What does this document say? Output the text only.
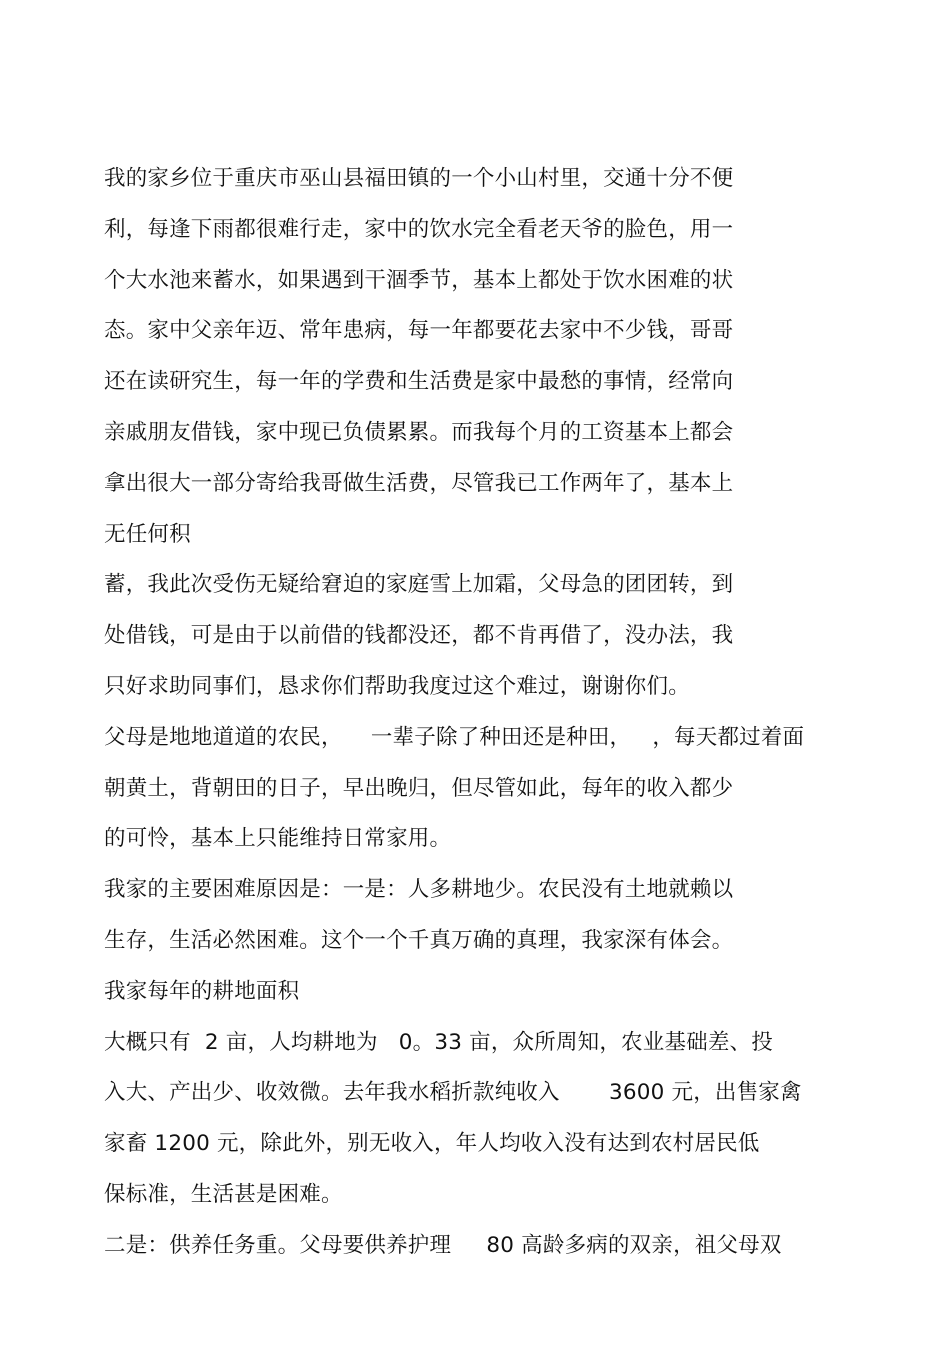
我的家乡位于重庆市巫山县福田镇的一个小山村里，交通十分不便
利，每逢下雨都很难行走，家中的饮水完全看老天爷的脸色，用一
个大水池来蓄水，如果遇到干涸季节，基本上都处于饮水困难的状
态。家中父亲年迈、常年患病，每一年都要花去家中不少钱，哥哥
还在读研究生，每一年的学费和生活费是家中最愁的事情，经常向
亲戚朋友借钱，家中现已负债累累。而我每个月的工资基本上都会
拿出很大一部分寄给我哥做生活费，尽管我已工作两年了，基本上
无任何积
蓄，我此次受伤无疑给窘迫的家庭雪上加霜，父母急的团团转，到
处借钱，可是由于以前借的钱都没还，都不肯再借了，没办法，我
只好求助同事们，恳求你们帮助我度过这个难过，谢谢你们。
父母是地地道道的农民，    一辈子除了种田还是种田，   ，每天都过着面
朝黄土，背朝田的日子，早出晚归，但尽管如此，每年的收入都少
的可怜，基本上只能维持日常家用。
我家的主要困难原因是：一是：人多耕地少。农民没有土地就赖以
生存，生活必然困难。这个一个千真万确的真理，我家深有体会。
我家每年的耕地面积
大概只有  2 亩，人均耕地为   0。33 亩，众所周知，农业基础差、投
入大、产出少、收效微。去年我水稻折款纯收入       3600 元，出售家禽
家畜 1200 元，除此外，别无收入，年人均收入没有达到农村居民低
保标准，生活甚是困难。
二是：供养任务重。父母要供养护理     80 高龄多病的双亲，祖父母双
